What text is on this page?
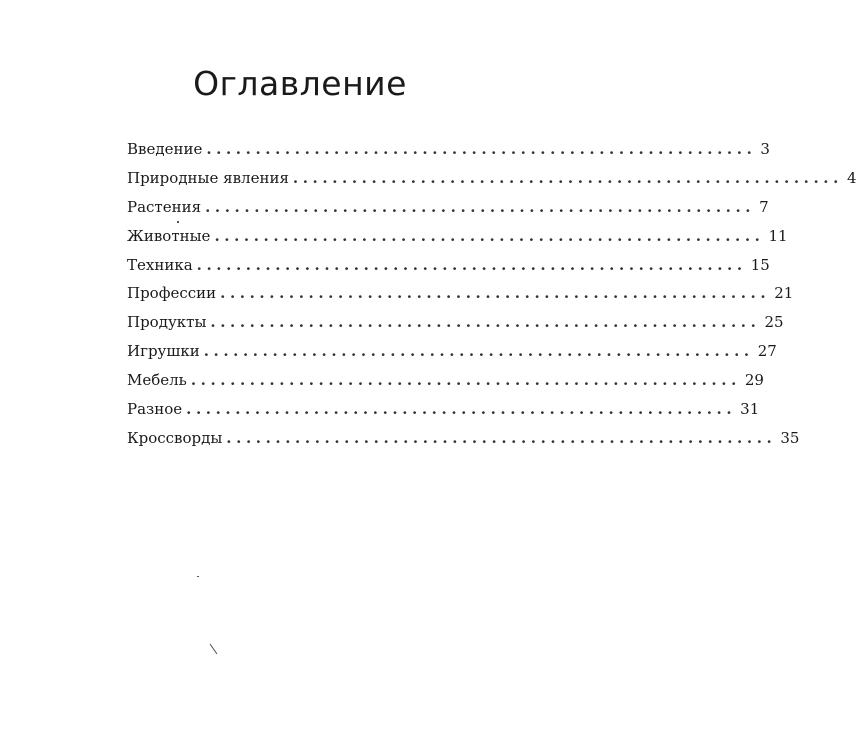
Оглавление
Введение ........................................................ 3
Природные явления ........................................................ 4
Растения ........................................................ 7
Животные ........................................................ 11
Техника ........................................................ 15
Профессии ........................................................ 21
Продукты ........................................................ 25
Игрушки ........................................................ 27
Мебель ........................................................ 29
Разное ........................................................ 31
Кроссворды ........................................................ 35
